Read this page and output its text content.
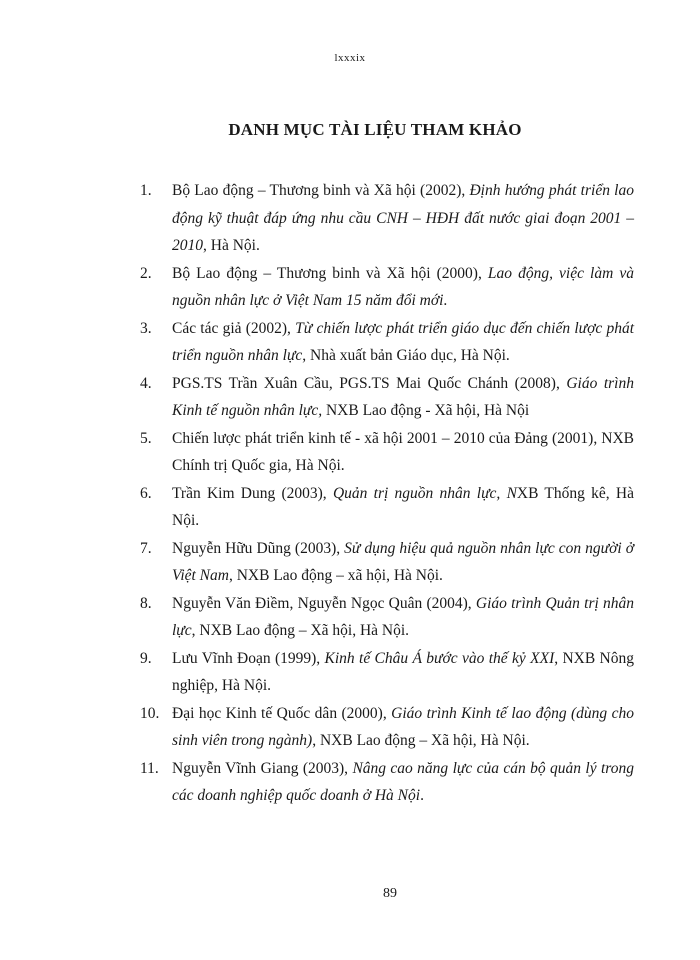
lxxxix
DANH MỤC TÀI LIỆU THAM KHẢO
1. Bộ Lao động – Thương binh và Xã hội (2002), Định hướng phát triển lao động kỹ thuật đáp ứng nhu cầu CNH – HĐH đất nước giai đoạn 2001 – 2010, Hà Nội.
2. Bộ Lao động – Thương binh và Xã hội (2000), Lao động, việc làm và nguồn nhân lực ở Việt Nam 15 năm đổi mới.
3. Các tác giả (2002), Từ chiến lược phát triển giáo dục đến chiến lược phát triển nguồn nhân lực, Nhà xuất bản Giáo dục, Hà Nội.
4. PGS.TS Trần Xuân Cầu, PGS.TS Mai Quốc Chánh (2008), Giáo trình Kinh tế nguồn nhân lực, NXB Lao động - Xã hội, Hà Nội
5. Chiến lược phát triển kinh tế - xã hội 2001 – 2010 của Đảng (2001), NXB Chính trị Quốc gia, Hà Nội.
6. Trần Kim Dung (2003), Quản trị nguồn nhân lực, NXB Thống kê, Hà Nội.
7. Nguyễn Hữu Dũng (2003), Sử dụng hiệu quả nguồn nhân lực con người ở Việt Nam, NXB Lao động – xã hội, Hà Nội.
8. Nguyễn Văn Điềm, Nguyễn Ngọc Quân (2004), Giáo trình Quản trị nhân lực, NXB Lao động – Xã hội, Hà Nội.
9. Lưu Vĩnh Đoạn (1999), Kinh tế Châu Á bước vào thế kỷ XXI, NXB Nông nghiệp, Hà Nội.
10. Đại học Kinh tế Quốc dân (2000), Giáo trình Kinh tế lao động (dùng cho sinh viên trong ngành), NXB Lao động – Xã hội, Hà Nội.
11. Nguyễn Vĩnh Giang (2003), Nâng cao năng lực của cán bộ quản lý trong các doanh nghiệp quốc doanh ở Hà Nội.
89
